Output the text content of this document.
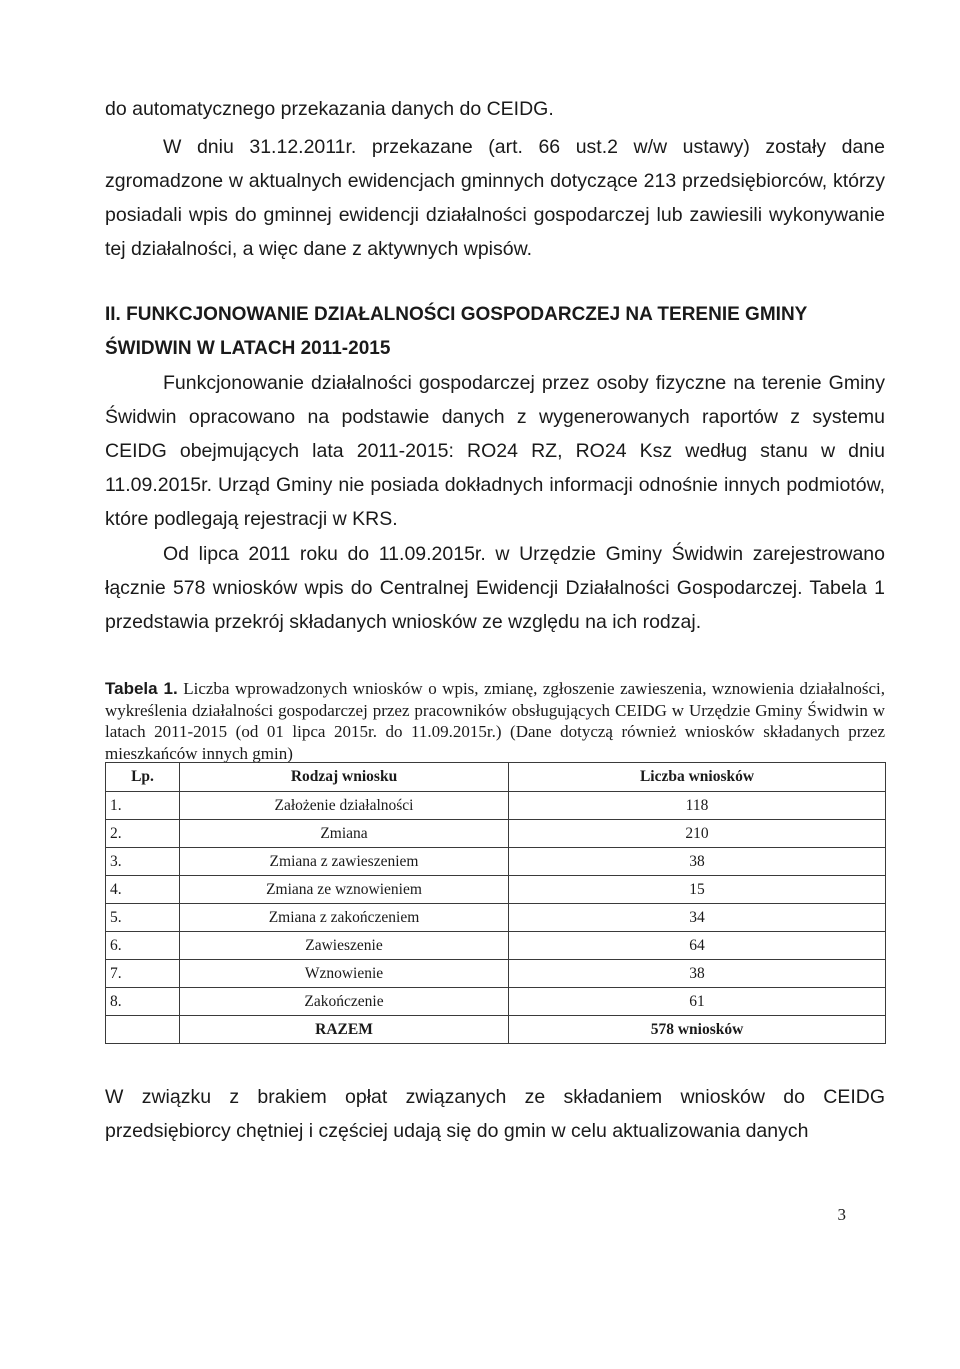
do automatycznego przekazania danych do CEIDG.
W dniu 31.12.2011r. przekazane (art. 66 ust.2 w/w ustawy) zostały dane zgromadzone w aktualnych ewidencjach gminnych dotyczące 213 przedsiębiorców, którzy posiadali wpis do gminnej ewidencji działalności gospodarczej lub zawiesili wykonywanie tej działalności, a więc dane z aktywnych wpisów.
II. FUNKCJONOWANIE DZIAŁALNOŚCI GOSPODARCZEJ NA TERENIE GMINY ŚWIDWIN W LATACH 2011-2015
Funkcjonowanie działalności gospodarczej przez osoby fizyczne na terenie Gminy Świdwin opracowano na podstawie danych z wygenerowanych raportów z systemu CEIDG obejmujących lata 2011-2015: RO24 RZ, RO24 Ksz według stanu w dniu 11.09.2015r. Urząd Gminy nie posiada dokładnych informacji odnośnie innych podmiotów, które podlegają rejestracji w KRS.
Od lipca 2011 roku do 11.09.2015r. w Urzędzie Gminy Świdwin zarejestrowano łącznie 578 wniosków wpis do Centralnej Ewidencji Działalności Gospodarczej. Tabela 1 przedstawia przekrój składanych wniosków ze względu na ich rodzaj.
Tabela 1. Liczba wprowadzonych wniosków o wpis, zmianę, zgłoszenie zawieszenia, wznowienia działalności, wykreślenia działalności gospodarczej przez pracowników obsługujących CEIDG w Urzędzie Gminy Świdwin w latach 2011-2015 (od 01 lipca 2015r. do 11.09.2015r.) (Dane dotyczą również wniosków składanych przez mieszkańców innych gmin)
Lp.	Rodzaj wniosku	Liczba wniosków
1.	Założenie działalności	118
2.	Zmiana	210
3.	Zmiana z zawieszeniem	38
4.	Zmiana ze wznowieniem	15
5.	Zmiana z zakończeniem	34
6.	Zawieszenie	64
7.	Wznowienie	38
8.	Zakończenie	61
	RAZEM	578 wniosków
W związku z brakiem opłat związanych ze składaniem wniosków do CEIDG przedsiębiorcy chętniej i częściej udają się do gmin w celu aktualizowania danych
3
